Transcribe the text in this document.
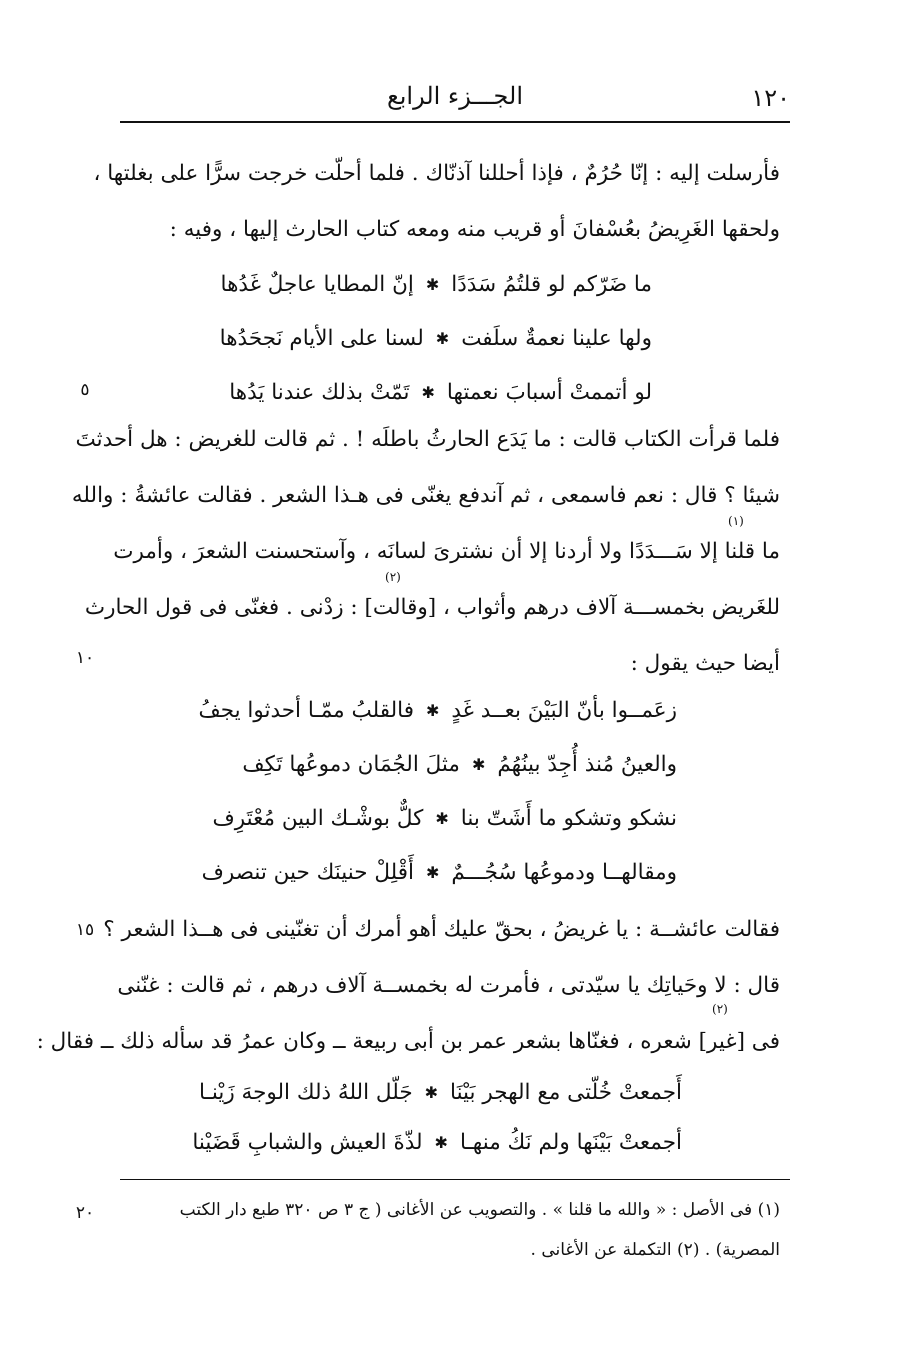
١٢٠
الجـــزء الرابع
فأرسلت إليه : إنّا حُرُمٌ ، فإذا أحللنا آذنّاك . فلما أحلّت خرجت سرًّا على بغلتها ،
ولحقها الغَرِيضُ بعُسْفانَ أو قريب منه ومعه كتاب الحارث إليها ، وفيه :
ما ضَرّكم لو قلتُمُ سَدَدًا
✱
إنّ المطايا عاجلٌ غَدُها
ولها علينا نعمةٌ سلَفت
✱
لسنا على الأيام نَجحَدُها
لو أتممتْ أسبابَ نعمتها
✱
تَمّتْ بذلك عندنا يَدُها
٥
فلما قرأت الكتاب قالت : ما يَدَع الحارثُ باطلَه ! . ثم قالت للغريض : هل أحدثتَ
شيئا ؟ قال : نعم فاسمعى ، ثم آندفع يغنّى فى هـذا الشعر . فقالت عائشةُ : والله
ما قلنا إلا سَـــدَدًا ولا أردنا إلا أن نشترىَ لسانَه ، وآستحسنت الشعرَ ، وأمرت
للغَريض بخمســـة آلاف درهم وأثواب ، [وقالت] : زدْنى . فغنّى فى قول الحارث
أيضا حيث يقول :
١٠
(١)
(٢)
زعَمــوا بأنّ البَيْنَ بعــد غَدٍ
✱
فالقلبُ ممّـا أحدثوا يجفُ
والعينُ مُنذ أُجِدّ بينُهُمُ
✱
مثلَ الجُمَان دموعُها تَكِف
نشكو وتشكو ما أَشَتّ بنا
✱
كلٌّ بوشْـك البين مُعْتَرِف
ومقالهــا ودموعُها سُجُـــمٌ
✱
أَقْلِلْ حنينَك حين تنصرف
فقالت عائشــة : يا غريضُ ، بحقّ عليك أهو أمرك أن تغنّينى فى هــذا الشعر ؟
قال : لا وحَياتِك يا سيّدتى ، فأمرت له بخمســة آلاف درهم ، ثم قالت : غنّنى
فى [غير] شعره ، فغنّاها بشعر عمر بن أبى ربيعة ــ وكان عمرُ قد سأله ذلك ــ فقال :
١٥
(٢)
أَجمعتْ خُلّتى مع الهجر بَيْنَا
✱
جَلّل اللهُ ذلك الوجهَ زَيْنـا
أجمعتْ بَيْنَها ولم نَكُ منهـا
✱
لذّةَ العيش والشبابِ قَضَيْنا
(١) فى الأصل : « والله ما قلنا » . والتصويب عن الأغانى ( ج ٣ ص ٣٢٠ طبع دار الكتب
المصرية) . (٢) التكملة عن الأغانى .
٢٠
